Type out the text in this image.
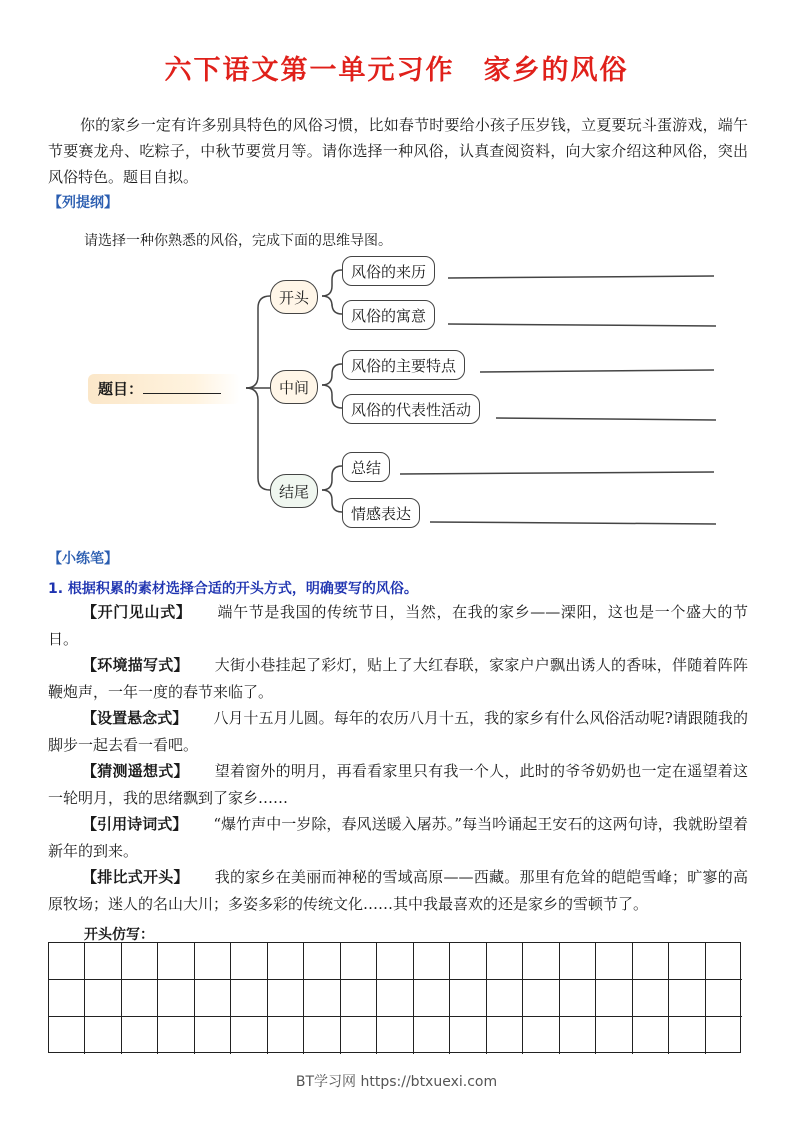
六下语文第一单元习作　家乡的风俗

你的家乡一定有许多别具特色的风俗习惯，比如春节时要给小孩子压岁钱，立夏要玩斗蛋游戏，端午节要赛龙舟、吃粽子，中秋节要赏月等。请你选择一种风俗，认真查阅资料，向大家介绍这种风俗，突出风俗特色。题目自拟。

【列提纲】
请选择一种你熟悉的风俗，完成下面的思维导图。
题目：
开头
中间
结尾
风俗的来历
风俗的寓意
风俗的主要特点
风俗的代表性活动
总结
情感表达
【小练笔】
1. 根据积累的素材选择合适的开头方式，明确要写的风俗。

【开门见山式】 端午节是我国的传统节日，当然，在我的家乡——溧阳，这也是一个盛大的节日。

【环境描写式】 大街小巷挂起了彩灯，贴上了大红春联，家家户户飘出诱人的香味，伴随着阵阵鞭炮声，一年一度的春节来临了。

【设置悬念式】 八月十五月儿圆。每年的农历八月十五，我的家乡有什么风俗活动呢?请跟随我的脚步一起去看一看吧。

【猜测遥想式】 望着窗外的明月，再看看家里只有我一个人，此时的爷爷奶奶也一定在遥望着这一轮明月，我的思绪飘到了家乡……

【引用诗词式】 “爆竹声中一岁除，春风送暖入屠苏。”每当吟诵起王安石的这两句诗，我就盼望着新年的到来。

【排比式开头】 我的家乡在美丽而神秘的雪域高原——西藏。那里有危耸的皑皑雪峰；旷寥的高原牧场；迷人的名山大川；多姿多彩的传统文化……其中我最喜欢的还是家乡的雪顿节了。

开头仿写：
BT学习网 https://btxuexi.com
